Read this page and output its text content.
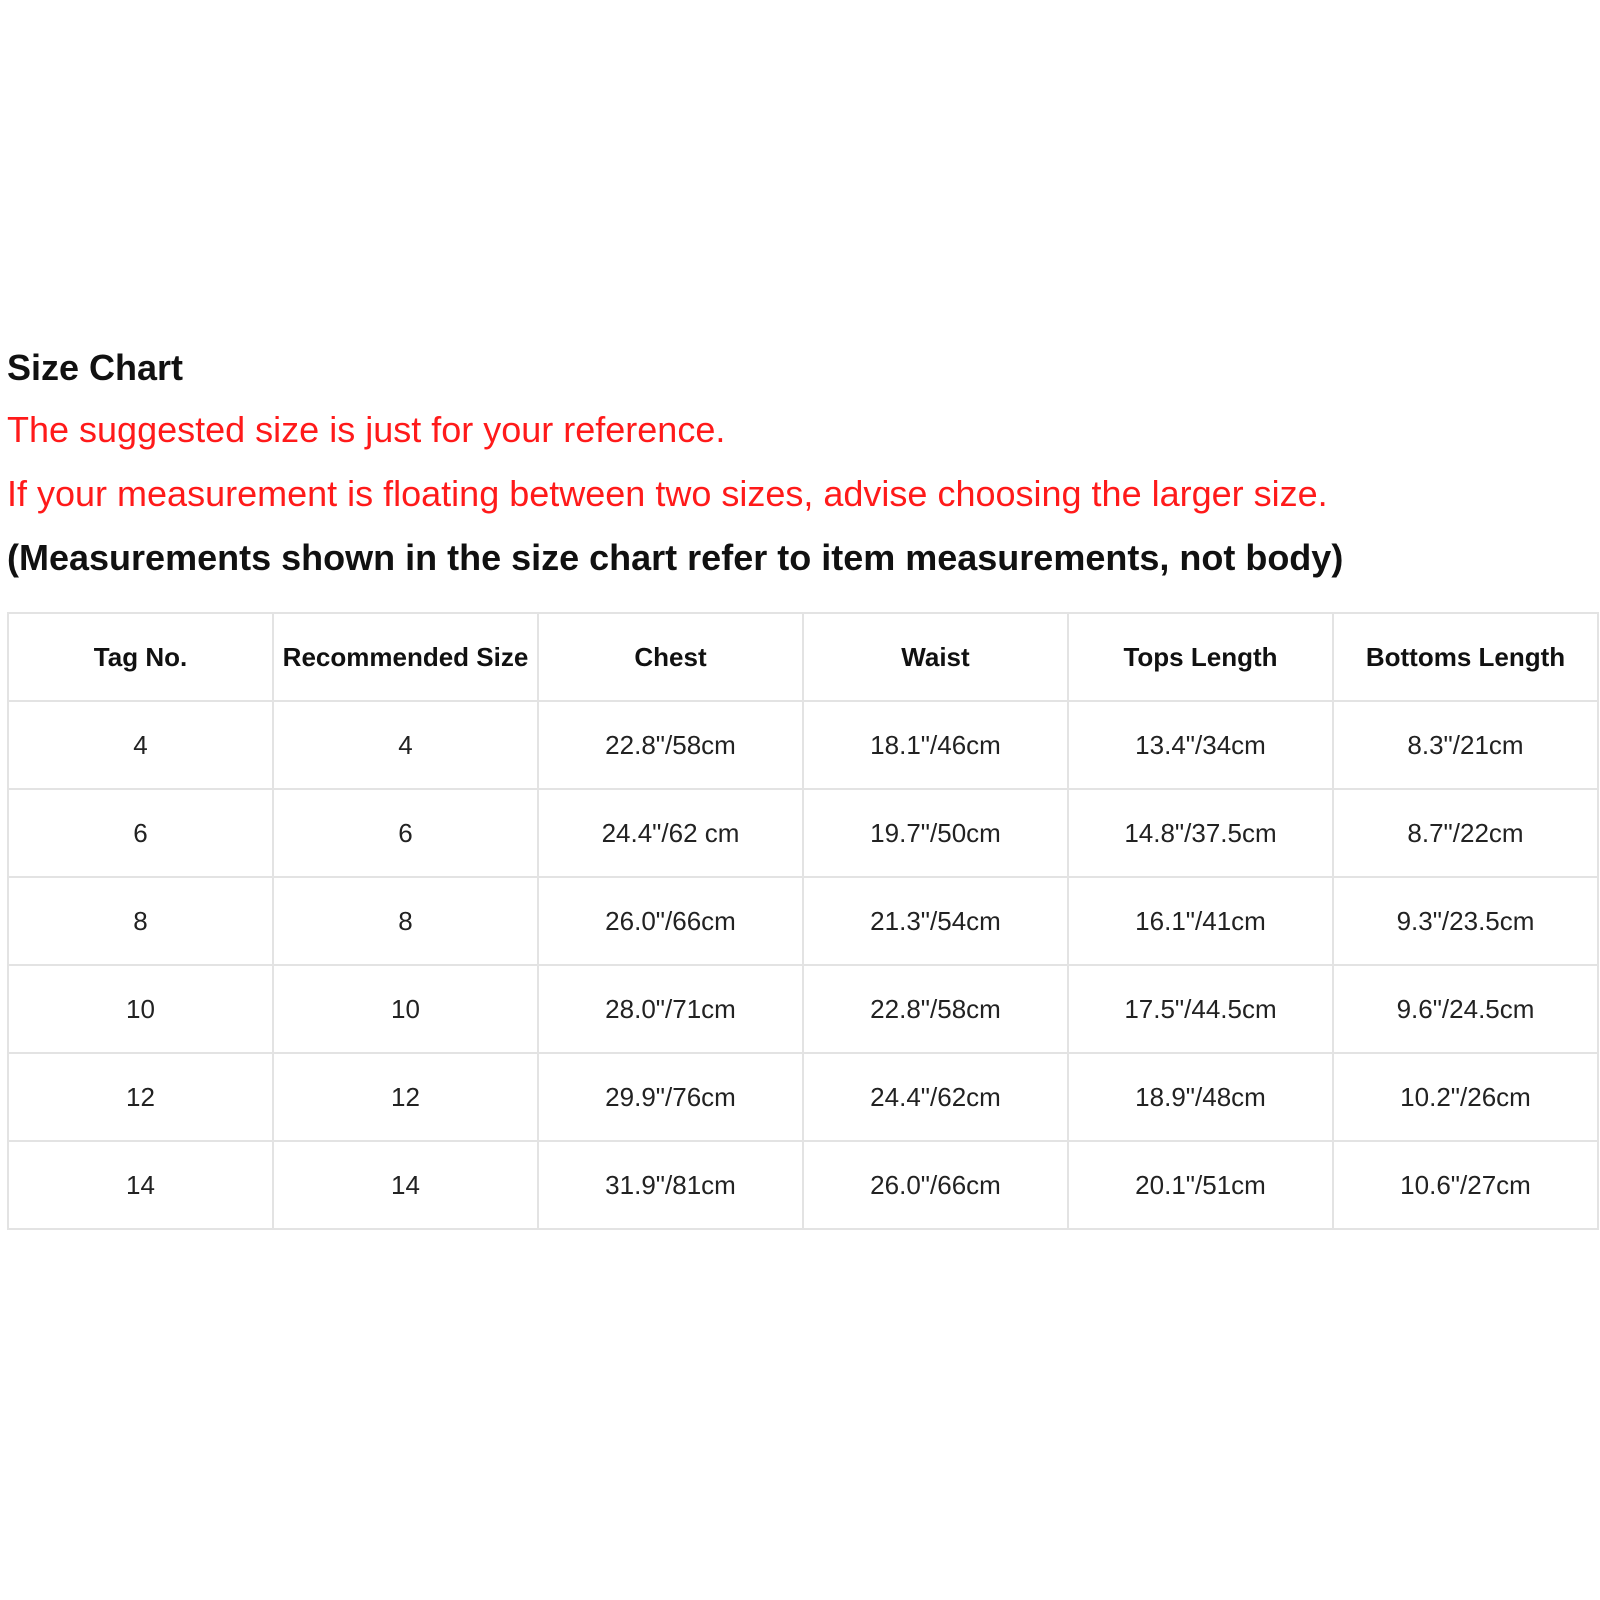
Size Chart

The suggested size is just for your reference.

If your measurement is floating between two sizes, advise choosing the larger size.

(Measurements shown in the size chart refer to item measurements, not body)

Tag No.	Recommended Size	Chest	Waist	Tops Length	Bottoms Length
4	4	22.8"/58cm	18.1"/46cm	13.4"/34cm	8.3"/21cm
6	6	24.4"/62 cm	19.7"/50cm	14.8"/37.5cm	8.7"/22cm
8	8	26.0"/66cm	21.3"/54cm	16.1"/41cm	9.3"/23.5cm
10	10	28.0"/71cm	22.8"/58cm	17.5"/44.5cm	9.6"/24.5cm
12	12	29.9"/76cm	24.4"/62cm	18.9"/48cm	10.2"/26cm
14	14	31.9"/81cm	26.0"/66cm	20.1"/51cm	10.6"/27cm
